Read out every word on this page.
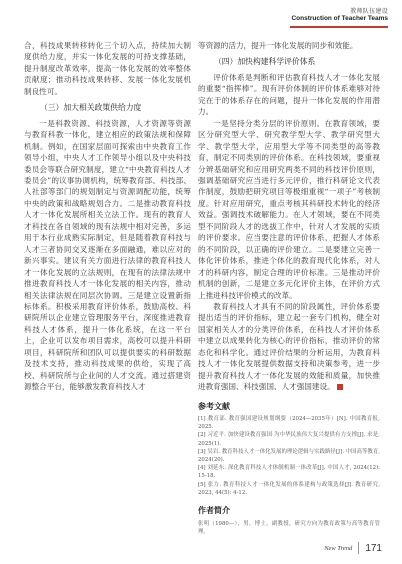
教师队伍建设
Construction of Teacher Teams

合，科技成果转移转化三个切入点，持续加大制度供给力度，并实一体化发展的可持支撑基础，提升制度改革效率，提高一体化发展的效率整体贡献度；推动科技成果转移、发展一体化发展机制良性可。

（三）加大相关政策供给力度

一是科教资源、科技资源，人才资源等资源与教育科教一体化，建立相应的政策法规和保障机制。例如，在国家层面可探索由中央教育工作领导小组，中央人才工作领导小组以及中央科技委员会等联合研究制度，建立“中央教育科技人才委员会”的议事协调机构，统筹教育部、科技部、人社部等部门的规划制定与资源调配功能，统筹中央的政策和战略规划合力。二是推动教育科技人才一体化发展所相关立法工作。现有的教育人才科技在各自领域的现有法规中相对完善，多运用于本行业成熟实际制定，但是随着教育科技与人才三者协同交叉逐渐在多面融通，难以应对的新兴事实。建议有关方面进行法律的教育科技人才一体化发展的立法规则，在现有的法律法规中推进教育科技人才一体化发展的相关内容，推动相关法律法规在同层次协调。三是建立设置新指标体系。积极采用教育评价体系，鼓励高校、科研院所以企业建立管理服务平台，深度推进教育科技人才体系，提升一体化系统，在这一平台上，企业可以发布项目需求，高校可以提升科研项目，科研院所和团队可以提供要实的科研数据及技术支持，推动科技成果的供给，实现了高校、科研院所与企业间的人才交流。通过搭建资源整合平台，能够激发教育科技人才

等资源的活力，提升一体化发展的同步和效能。

（四）加快构建科学评价体系

评价体系是判断和评估教育科技人才一体化发展的重要“指挥棒”。现有评价体制的评价体系难够对待完在于的体系存在的问题，提升一体化发展的作用潜力。

一是坚持分类分层的评价原则。在教育领域，要区分研究型大学、研究教学型大学、教学研究型大学、教学型大学，应用型大学等不同类型的高等教育，制定不同类别的评价体系。在科技领域，要重视分辨基础研究和应用研究两类不同的科技评价原则，强调基础研究应当进行多元评价，推行科研论文代表作制度，鼓励把研究项目等极细重视“一项子”考核制度。针对应用研究，重点考核其科研投术转化的经济效益。强调技术破解能力。在人才领域，要在不同类型不同阶段人才的选拔工作中，针对人才发展的实质的评价要求。应当要注意的评价体系，把握人才体系的不同阶段，以正确的评价建立。二是要建立完善一体化评价体系，推进个体化的教育现代化体系，对人才的科研内容，制定合理的评价标准。三是推动评价机制的创新，二是建立多元化评价主体，在评价方式上推进科技评价模式的改革。

教育科技人才具有不同的阶段属性，评价体系要提出适当的评价指标，建立起一套专门机构，健全对国家相关人才的分类评价体系，在科技人才评价体系中建立以成果转化为核心的评价指标，推动评价的常态化和科学化。通过评价结果的分析运用，为教育科技人才一体化发展提供数据支持和决策参考，进一步提升教育科技人才一体化发展的效能和质量，加快推进教育强国、科技强国、人才强国建设。

参考文献
[1] 教育部. 教育强国建设规划纲要（2024—2035年）[N]. 中国教育报, 2025.
[2] 习近平. 加快建设教育强国 为中华民族伟大复兴提供有力支撑[J]. 求是, 2025(1).
[3] 吴岩. 教育科技人才一体化发展的理论逻辑与实践路径[J]. 中国高等教育, 2024(20).
[4] 刘延东. 深化教育科技人才体制机制一体改革[J]. 中国人才, 2024(12): 15-18.
[5] 张力. 教育科技人才一体化发展的体系建构与政策选择[J]. 教育研究, 2023, 44(5): 4-12.
作者简介
张明（1980—），男，博士，副教授，研究方向为教育政策与高等教育管理。
New Trend 171
